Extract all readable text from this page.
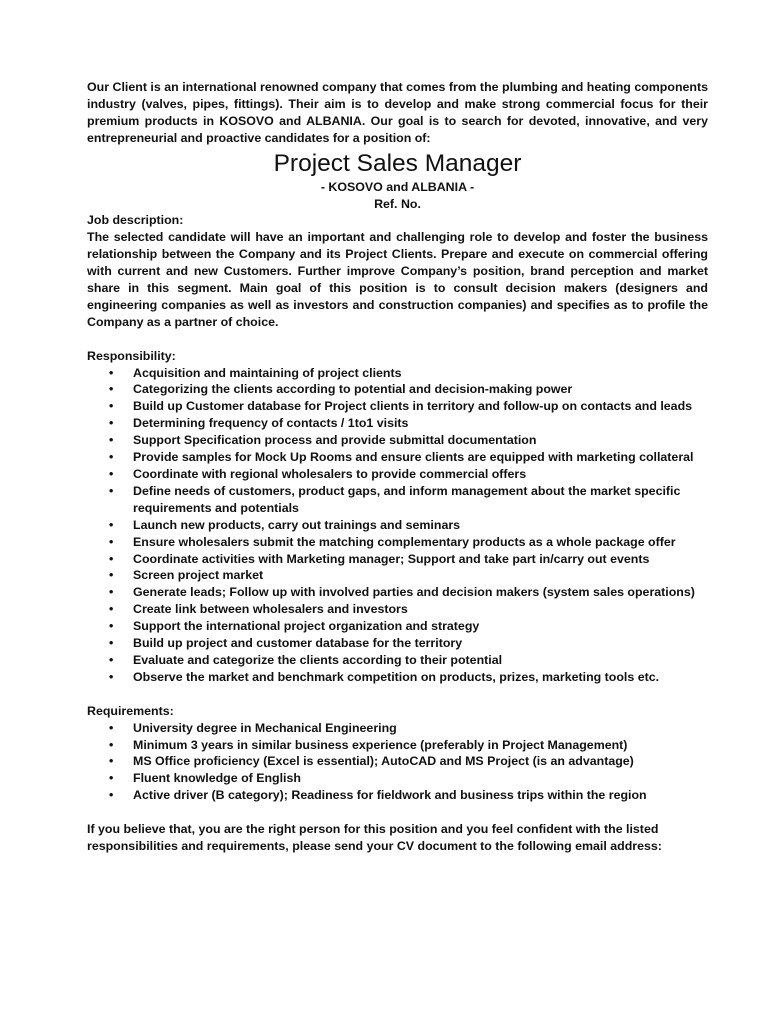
Our Client is an international renowned company that comes from the plumbing and heating components industry (valves, pipes, fittings). Their aim is to develop and make strong commercial focus for their premium products in KOSOVO and ALBANIA. Our goal is to search for devoted, innovative, and very entrepreneurial and proactive candidates for a position of:

Project Sales Manager

- KOSOVO and ALBANIA -

Ref. No.

Job description:

The selected candidate will have an important and challenging role to develop and foster the business relationship between the Company and its Project Clients. Prepare and execute on commercial offering with current and new Customers. Further improve Company’s position, brand perception and market share in this segment. Main goal of this position is to consult decision makers (designers and engineering companies as well as investors and construction companies) and specifies as to profile the Company as a partner of choice.

Responsibility:

• Acquisition and maintaining of project clients
• Categorizing the clients according to potential and decision-making power
• Build up Customer database for Project clients in territory and follow-up on contacts and leads
• Determining frequency of contacts / 1to1 visits
• Support Specification process and provide submittal documentation
• Provide samples for Mock Up Rooms and ensure clients are equipped with marketing collateral
• Coordinate with regional wholesalers to provide commercial offers
• Define needs of customers, product gaps, and inform management about the market specific requirements and potentials
• Launch new products, carry out trainings and seminars
• Ensure wholesalers submit the matching complementary products as a whole package offer
• Coordinate activities with Marketing manager; Support and take part in/carry out events
• Screen project market
• Generate leads; Follow up with involved parties and decision makers (system sales operations)
• Create link between wholesalers and investors
• Support the international project organization and strategy
• Build up project and customer database for the territory
• Evaluate and categorize the clients according to their potential
• Observe the market and benchmark competition on products, prizes, marketing tools etc.

Requirements:

• University degree in Mechanical Engineering
• Minimum 3 years in similar business experience (preferably in Project Management)
• MS Office proficiency (Excel is essential); AutoCAD and MS Project (is an advantage)
• Fluent knowledge of English
• Active driver (B category); Readiness for fieldwork and business trips within the region

If you believe that, you are the right person for this position and you feel confident with the listed responsibilities and requirements, please send your CV document to the following email address:
